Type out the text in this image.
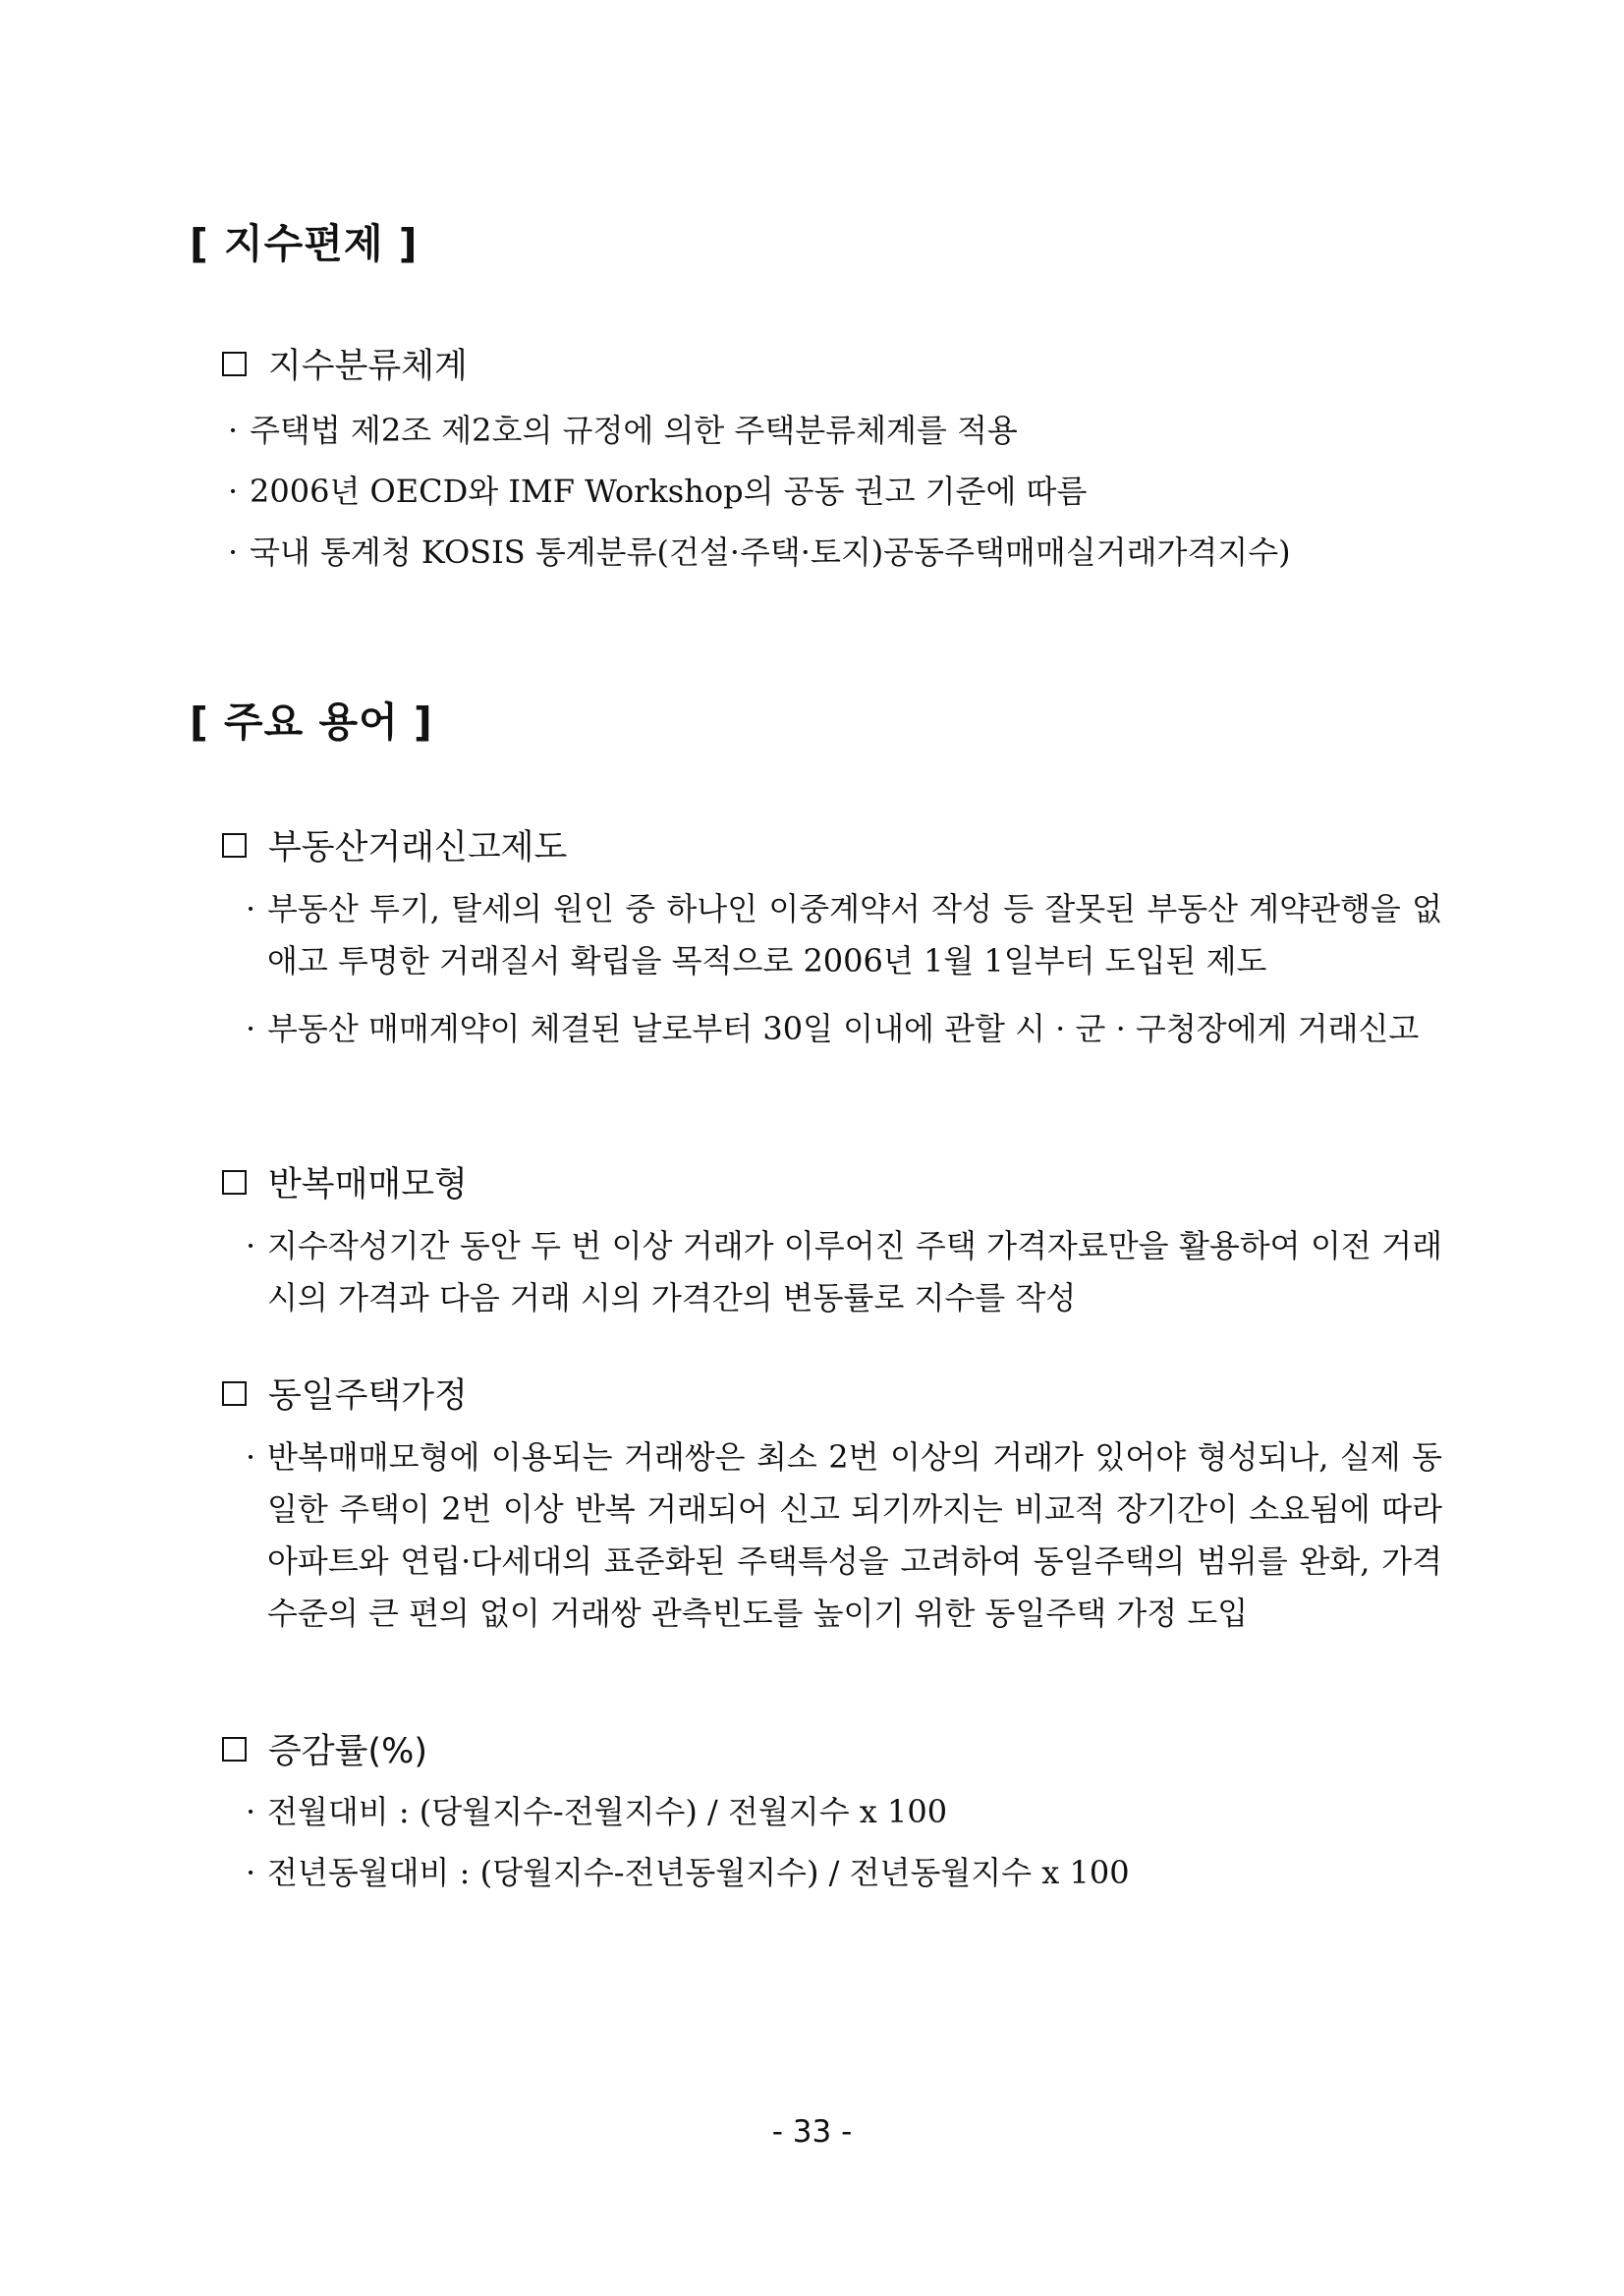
[ 지수편제 ]
지수분류체계
· 주택법 제2조 제2호의 규정에 의한 주택분류체계를 적용
· 2006년 OECD와 IMF Workshop의 공동 권고 기준에 따름
· 국내 통계청 KOSIS 통계분류(건설·주택·토지)공동주택매매실거래가격지수)
[ 주요 용어 ]
부동산거래신고제도
· 부동산 투기, 탈세의 원인 중 하나인 이중계약서 작성 등 잘못된 부동산 계약관행을 없애고 투명한 거래질서 확립을 목적으로 2006년 1월 1일부터 도입된 제도
· 부동산 매매계약이 체결된 날로부터 30일 이내에 관할 시 · 군 · 구청장에게 거래신고
반복매매모형
· 지수작성기간 동안 두 번 이상 거래가 이루어진 주택 가격자료만을 활용하여 이전 거래 시의 가격과 다음 거래 시의 가격간의 변동률로 지수를 작성
동일주택가정
· 반복매매모형에 이용되는 거래쌍은 최소 2번 이상의 거래가 있어야 형성되나, 실제 동일한 주택이 2번 이상 반복 거래되어 신고 되기까지는 비교적 장기간이 소요됨에 따라 아파트와 연립·다세대의 표준화된 주택특성을 고려하여 동일주택의 범위를 완화, 가격수준의 큰 편의 없이 거래쌍 관측빈도를 높이기 위한 동일주택 가정 도입
증감률(%)
· 전월대비 : (당월지수-전월지수) / 전월지수 x 100
· 전년동월대비 : (당월지수-전년동월지수) / 전년동월지수 x 100
- 33 -
